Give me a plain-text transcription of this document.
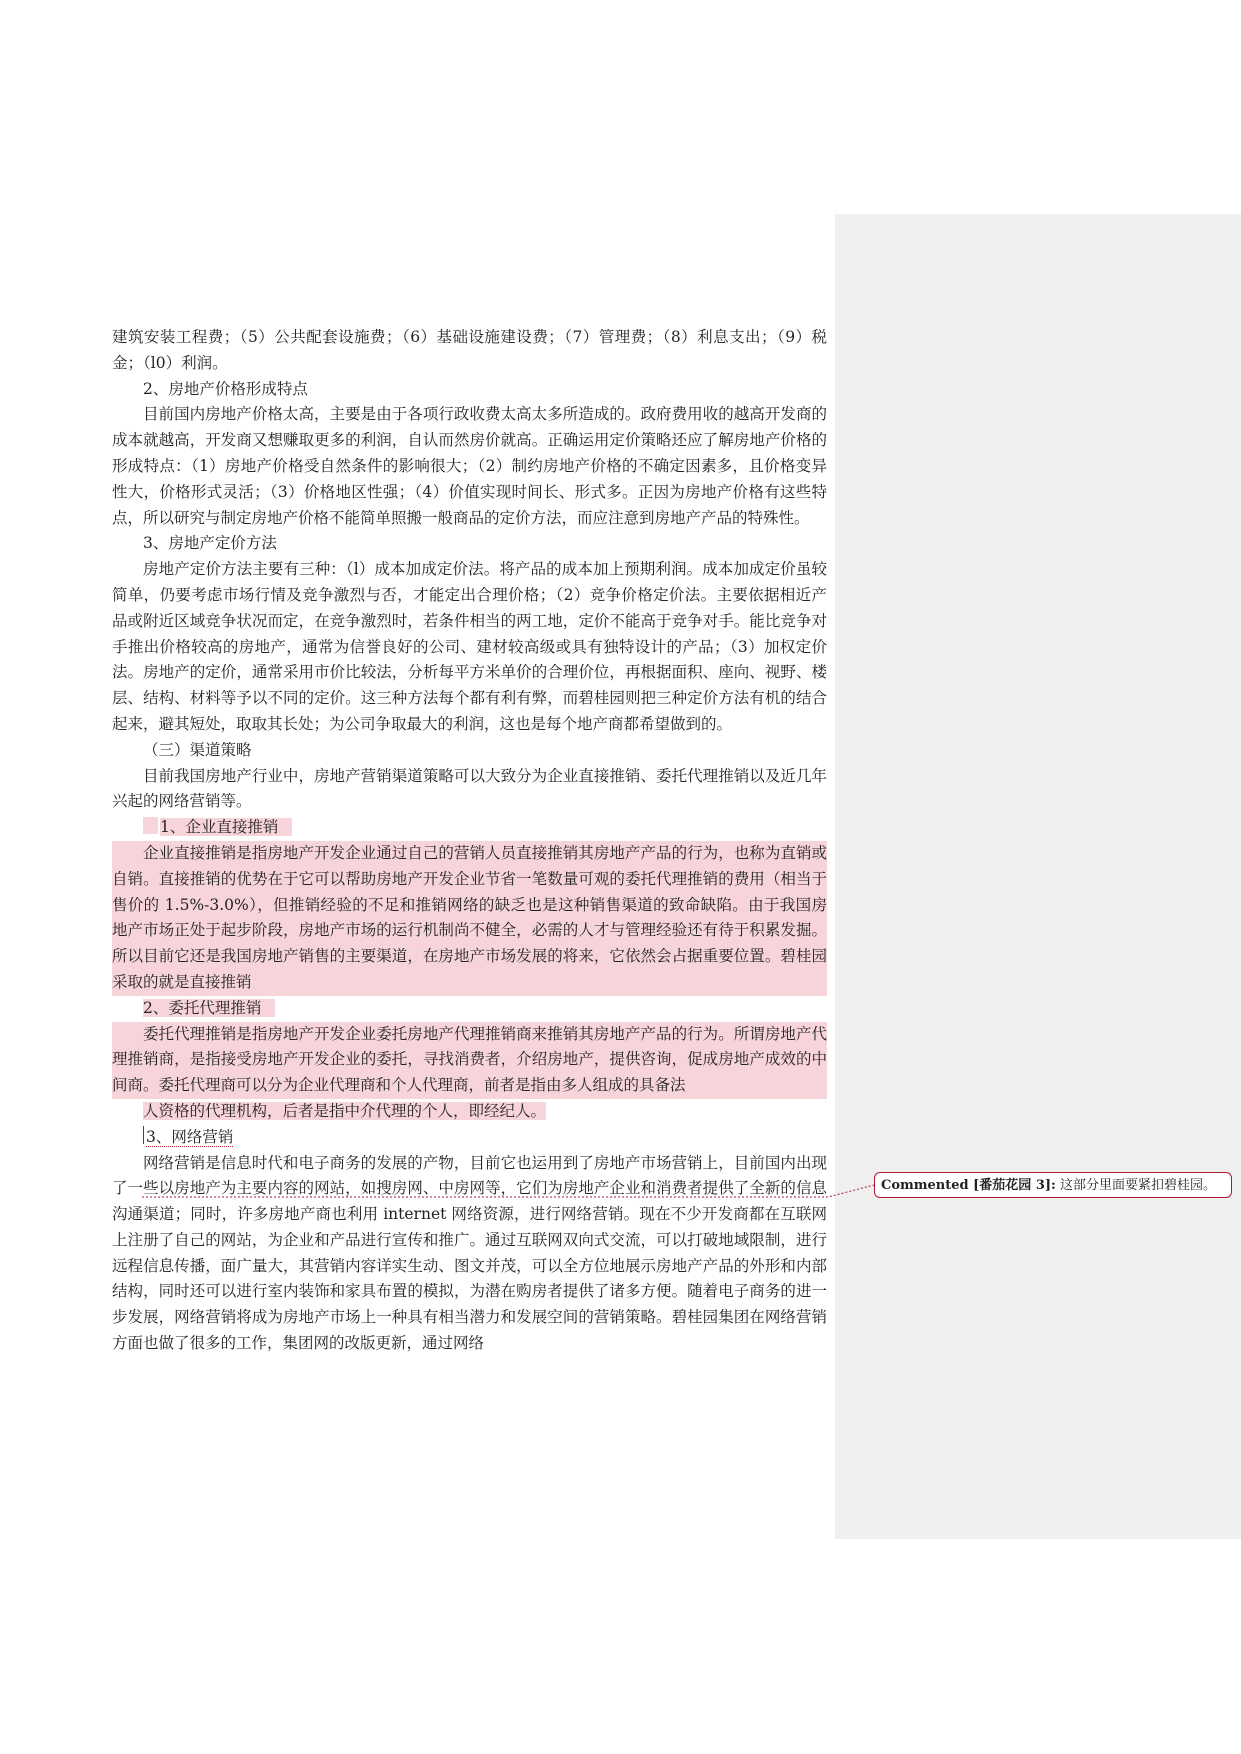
建筑安装工程费；（5）公共配套设施费；（6）基础设施建设费；（7）管理费；（8）利息支出；（9）税金；（l0）利润。

2、房地产价格形成特点

目前国内房地产价格太高，主要是由于各项行政收费太高太多所造成的。政府费用收的越高开发商的成本就越高，开发商又想赚取更多的利润，自认而然房价就高。正确运用定价策略还应了解房地产价格的形成特点：（1）房地产价格受自然条件的影响很大；（2）制约房地产价格的不确定因素多，且价格变异性大，价格形式灵活；（3）价格地区性强；（4）价值实现时间长、形式多。正因为房地产价格有这些特点，所以研究与制定房地产价格不能简单照搬一般商品的定价方法，而应注意到房地产产品的特殊性。

3、房地产定价方法

房地产定价方法主要有三种：（l）成本加成定价法。将产品的成本加上预期利润。成本加成定价虽较简单，仍要考虑市场行情及竞争激烈与否，才能定出合理价格；（2）竞争价格定价法。主要依据相近产品或附近区域竞争状况而定，在竞争激烈时，若条件相当的两工地，定价不能高于竞争对手。能比竞争对手推出价格较高的房地产，通常为信誉良好的公司、建材较高级或具有独特设计的产品；（3）加权定价法。房地产的定价，通常采用市价比较法，分析每平方米单价的合理价位，再根据面积、座向、视野、楼层、结构、材料等予以不同的定价。这三种方法每个都有利有弊，而碧桂园则把三种定价方法有机的结合起来，避其短处，取取其长处；为公司争取最大的利润，这也是每个地产商都希望做到的。

（三）渠道策略

目前我国房地产行业中，房地产营销渠道策略可以大致分为企业直接推销、委托代理推销以及近几年兴起的网络营销等。

1、企业直接推销

企业直接推销是指房地产开发企业通过自己的营销人员直接推销其房地产产品的行为，也称为直销或自销。直接推销的优势在于它可以帮助房地产开发企业节省一笔数量可观的委托代理推销的费用（相当于售价的 1.5%-3.0%），但推销经验的不足和推销网络的缺乏也是这种销售渠道的致命缺陷。由于我国房地产市场正处于起步阶段，房地产市场的运行机制尚不健全，必需的人才与管理经验还有待于积累发掘。所以目前它还是我国房地产销售的主要渠道，在房地产市场发展的将来，它依然会占据重要位置。碧桂园采取的就是直接推销

2、委托代理推销

委托代理推销是指房地产开发企业委托房地产代理推销商来推销其房地产产品的行为。所谓房地产代理推销商，是指接受房地产开发企业的委托，寻找消费者，介绍房地产，提供咨询，促成房地产成效的中间商。委托代理商可以分为企业代理商和个人代理商，前者是指由多人组成的具备法

人资格的代理机构，后者是指中介代理的个人，即经纪人。

3、网络营销

网络营销是信息时代和电子商务的发展的产物，目前它也运用到了房地产市场营销上，目前国内出现了一些以房地产为主要内容的网站，如搜房网、中房网等，它们为房地产企业和消费者提供了全新的信息沟通渠道；同时，许多房地产商也利用 internet 网络资源，进行网络营销。现在不少开发商都在互联网上注册了自己的网站，为企业和产品进行宣传和推广。通过互联网双向式交流，可以打破地域限制，进行远程信息传播，面广量大，其营销内容详实生动、图文并茂，可以全方位地展示房地产产品的外形和内部结构，同时还可以进行室内装饰和家具布置的模拟，为潜在购房者提供了诸多方便。随着电子商务的进一步发展，网络营销将成为房地产市场上一种具有相当潜力和发展空间的营销策略。碧桂园集团在网络营销方面也做了很多的工作，集团网的改版更新，通过网络

Commented [番茄花园 3]: 这部分里面要紧扣碧桂园。
